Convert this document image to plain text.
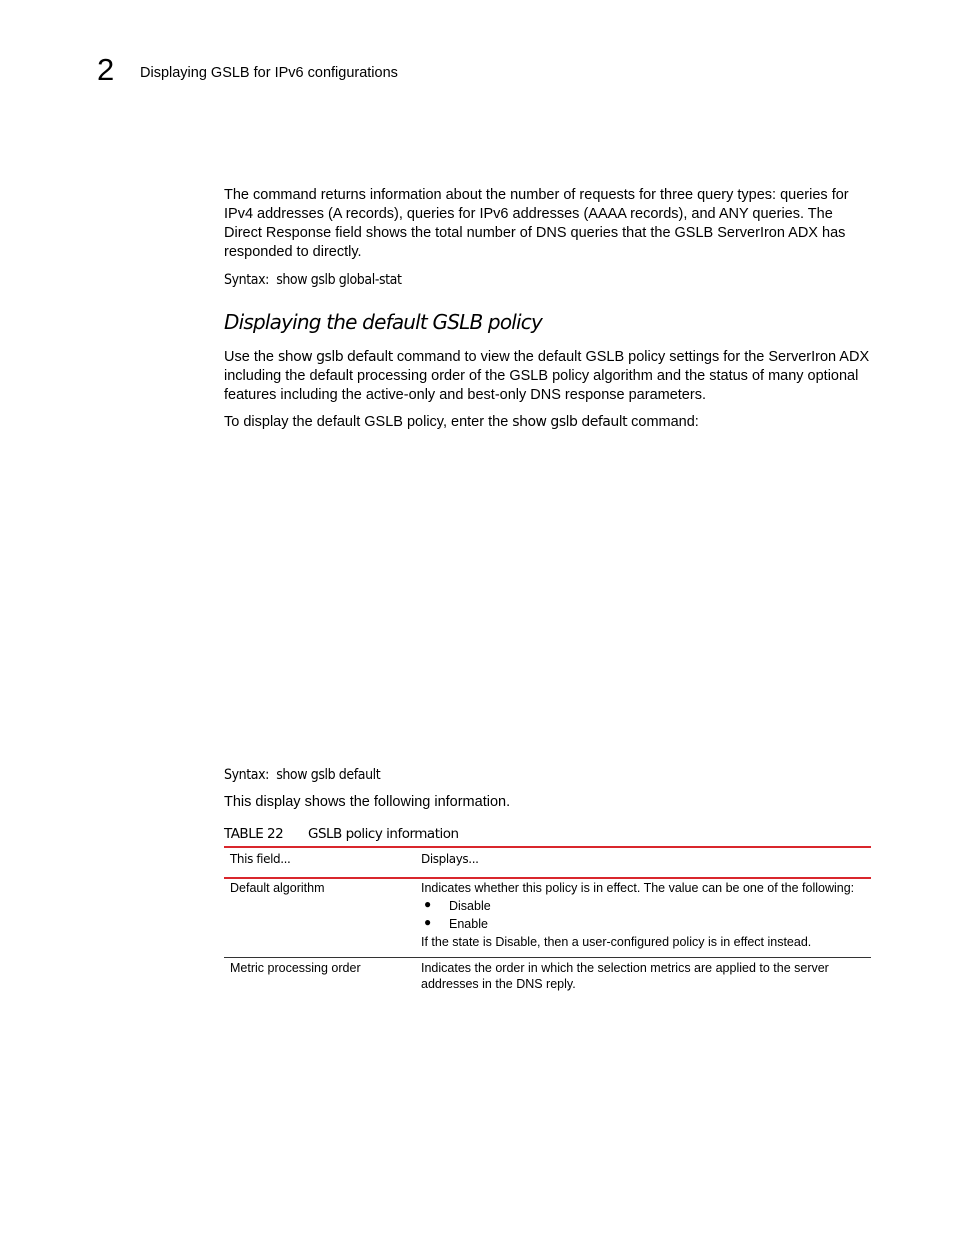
2 Displaying GSLB for IPv6 configurations

The command returns information about the number of requests for three query types: queries for IPv4 addresses (A records), queries for IPv6 addresses (AAAA records), and ANY queries. The Direct Response field shows the total number of DNS queries that the GSLB ServerIron ADX has responded to directly.

Syntax: show gslb global-stat
Displaying the default GSLB policy

Use the show gslb default command to view the default GSLB policy settings for the ServerIron ADX including the default processing order of the GSLB policy algorithm and the status of many optional features including the active-only and best-only DNS response parameters.

To display the default GSLB policy, enter the show gslb default command:

Syntax: show gslb default

This display shows the following information.

TABLE 22 GSLB policy information
This field...	Displays...
Default algorithm	Indicates whether this policy is in effect. The value can be one of the following:
● Disable
● Enable
If the state is Disable, then a user-configured policy is in effect instead.
Metric processing order	Indicates the order in which the selection metrics are applied to the server addresses in the DNS reply.
